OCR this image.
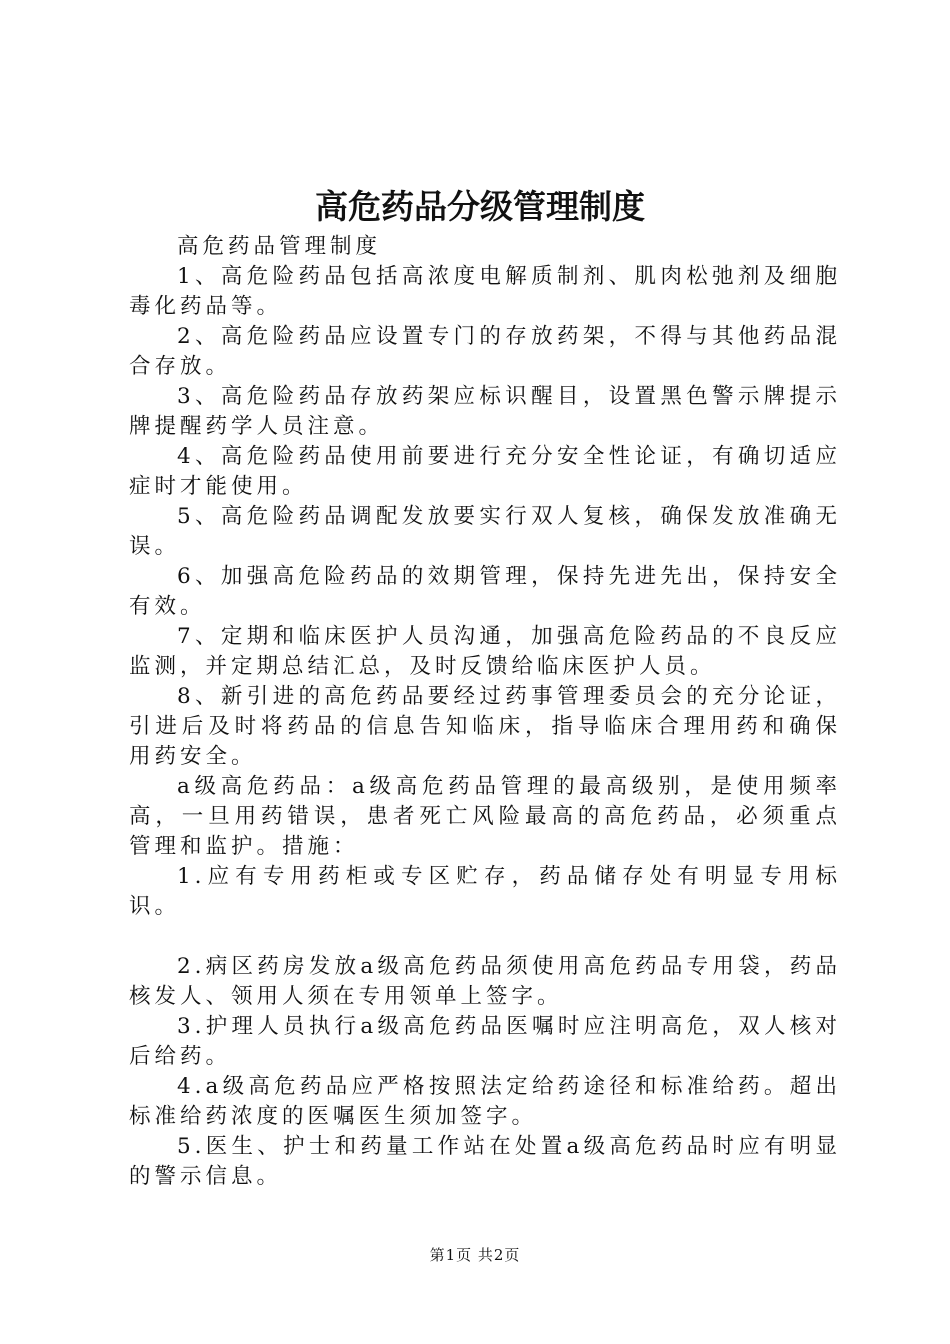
高危药品分级管理制度

高危药品管理制度

1、高危险药品包括高浓度电解质制剂、肌肉松弛剂及细胞毒化药品等。

2、高危险药品应设置专门的存放药架，不得与其他药品混合存放。

3、高危险药品存放药架应标识醒目，设置黑色警示牌提示牌提醒药学人员注意。

4、高危险药品使用前要进行充分安全性论证，有确切适应症时才能使用。

5、高危险药品调配发放要实行双人复核，确保发放准确无误。

6、加强高危险药品的效期管理，保持先进先出，保持安全有效。

7、定期和临床医护人员沟通，加强高危险药品的不良反应监测，并定期总结汇总，及时反馈给临床医护人员。

8、新引进的高危药品要经过药事管理委员会的充分论证，引进后及时将药品的信息告知临床，指导临床合理用药和确保用药安全。

a级高危药品：a级高危药品管理的最高级别，是使用频率高，一旦用药错误，患者死亡风险最高的高危药品，必须重点管理和监护。措施：

1.应有专用药柜或专区贮存，药品储存处有明显专用标识。

2.病区药房发放a级高危药品须使用高危药品专用袋，药品核发人、领用人须在专用领单上签字。

3.护理人员执行a级高危药品医嘱时应注明高危，双人核对后给药。

4.a级高危药品应严格按照法定给药途径和标准给药。超出标准给药浓度的医嘱医生须加签字。

5.医生、护士和药量工作站在处置a级高危药品时应有明显的警示信息。

第1页 共2页
